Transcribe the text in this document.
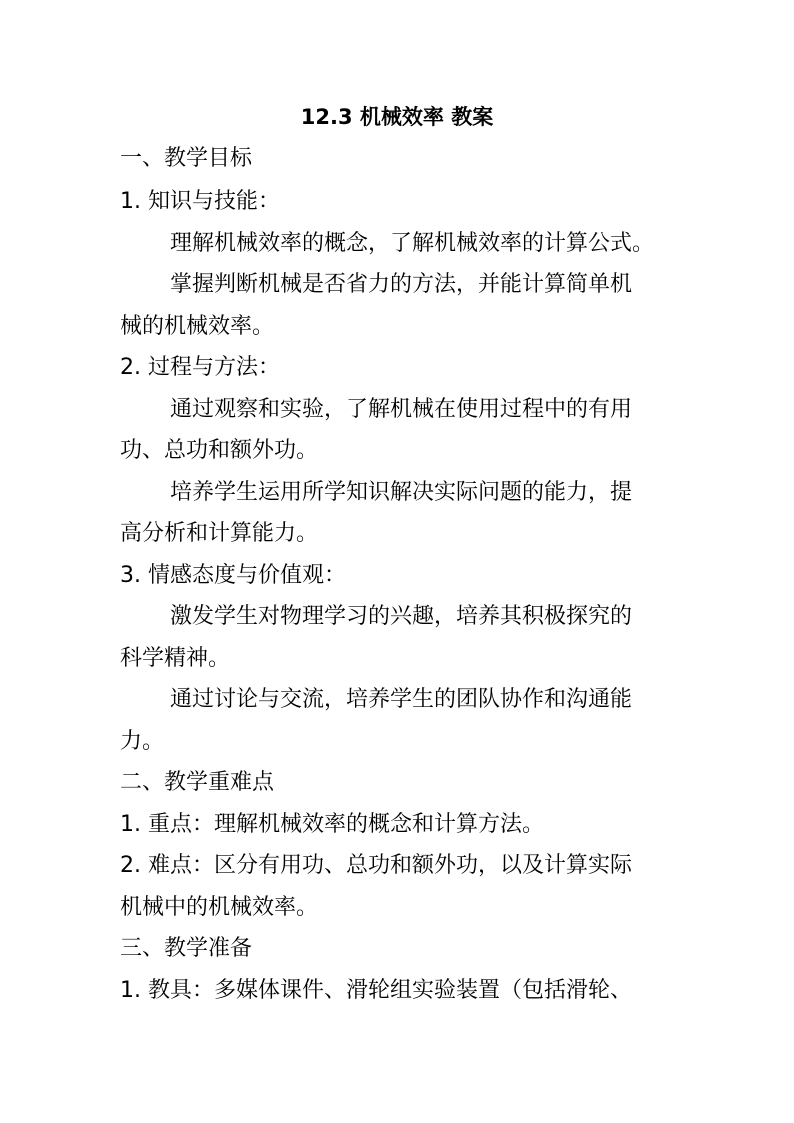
12.3 机械效率 教案
一、教学目标
1. 知识与技能：
理解机械效率的概念，了解机械效率的计算公式。
掌握判断机械是否省力的方法，并能计算简单机
械的机械效率。
2. 过程与方法：
通过观察和实验，了解机械在使用过程中的有用
功、总功和额外功。
培养学生运用所学知识解决实际问题的能力，提
高分析和计算能力。
3. 情感态度与价值观：
激发学生对物理学习的兴趣，培养其积极探究的
科学精神。
通过讨论与交流，培养学生的团队协作和沟通能
力。
二、教学重难点
1. 重点：理解机械效率的概念和计算方法。
2. 难点：区分有用功、总功和额外功，以及计算实际
机械中的机械效率。
三、教学准备
1. 教具：多媒体课件、滑轮组实验装置（包括滑轮、
